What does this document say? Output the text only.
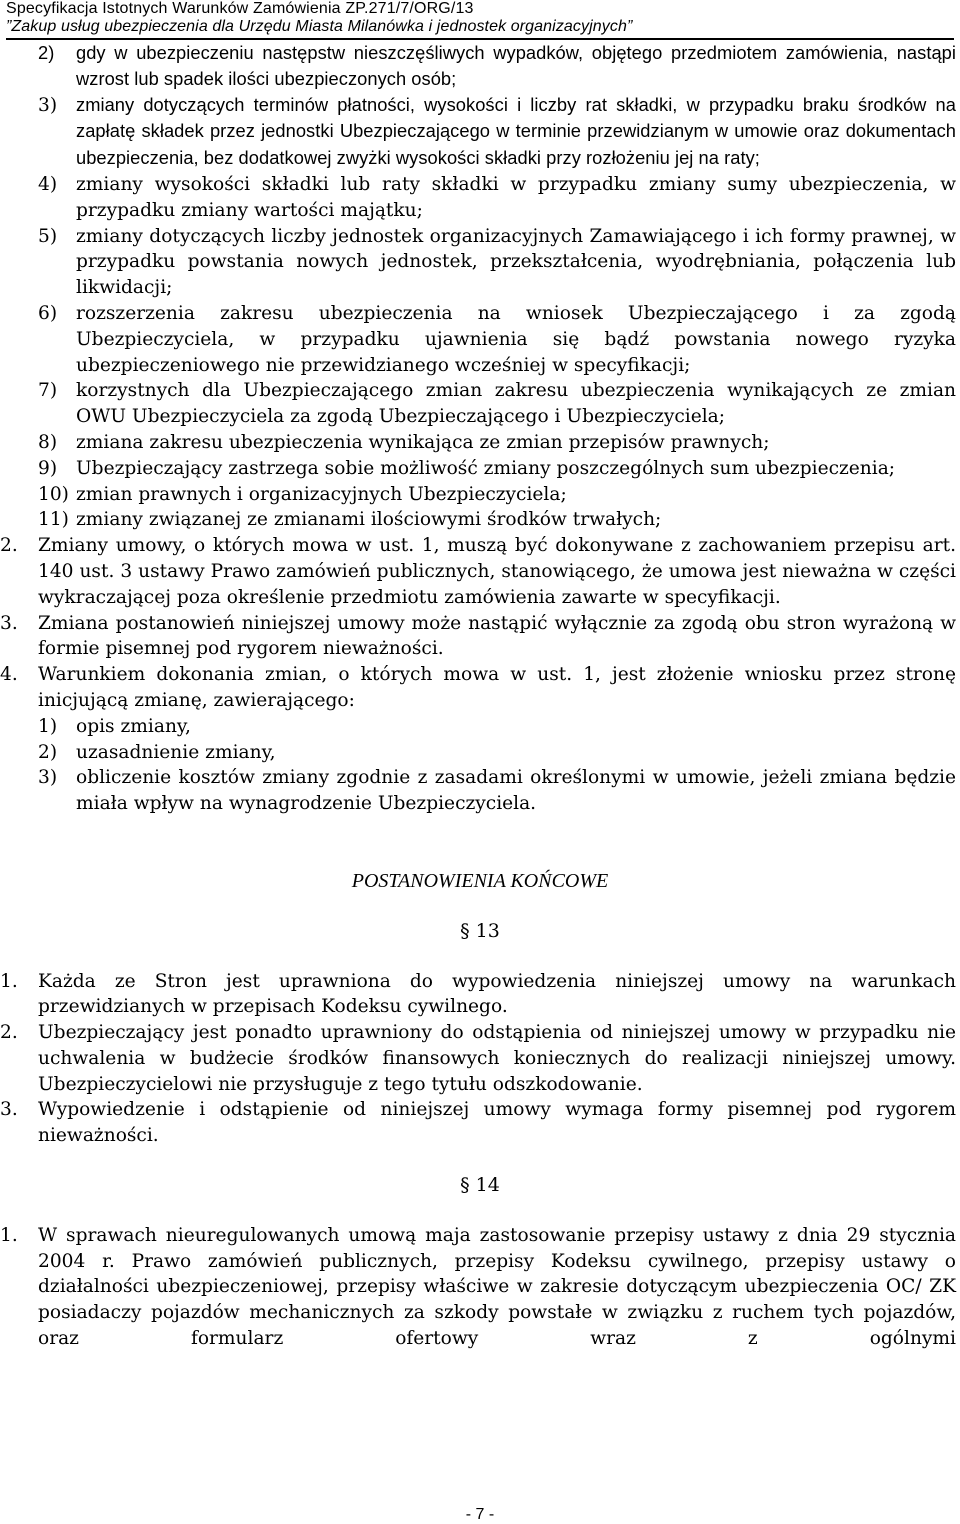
Specyfikacja Istotnych Warunków Zamówienia ZP.271/7/ORG/13
”Zakup usług ubezpieczenia dla Urzędu Miasta Milanówka i jednostek organizacyjnych”
2) gdy w ubezpieczeniu następstw nieszczęśliwych wypadków, objętego przedmiotem zamówienia, nastąpi wzrost lub spadek ilości ubezpieczonych osób;
3) zmiany dotyczących terminów płatności, wysokości i liczby rat składki, w przypadku braku środków na zapłatę składek przez jednostki Ubezpieczającego w terminie przewidzianym w umowie oraz dokumentach ubezpieczenia, bez dodatkowej zwyżki wysokości składki przy rozłożeniu jej na raty;
4) zmiany wysokości składki lub raty składki w przypadku zmiany sumy ubezpieczenia, w przypadku zmiany wartości majątku;
5) zmiany dotyczących liczby jednostek organizacyjnych Zamawiającego i ich formy prawnej, w przypadku powstania nowych jednostek, przekształcenia, wyodrębniania, połączenia lub likwidacji;
6) rozszerzenia zakresu ubezpieczenia na wniosek Ubezpieczającego i za zgodą Ubezpieczyciela, w przypadku ujawnienia się bądź powstania nowego ryzyka ubezpieczeniowego nie przewidzianego wcześniej w specyfikacji;
7) korzystnych dla Ubezpieczającego zmian zakresu ubezpieczenia wynikających ze zmian OWU Ubezpieczyciela za zgodą Ubezpieczającego i Ubezpieczyciela;
8) zmiana zakresu ubezpieczenia wynikająca ze zmian przepisów prawnych;
9) Ubezpieczający zastrzega sobie możliwość zmiany poszczególnych sum ubezpieczenia;
10) zmian prawnych i organizacyjnych Ubezpieczyciela;
11) zmiany związanej ze zmianami ilościowymi środków trwałych;
2. Zmiany umowy, o których mowa w ust. 1, muszą być dokonywane z zachowaniem przepisu art. 140 ust. 3 ustawy Prawo zamówień publicznych, stanowiącego, że umowa jest nieważna w części wykraczającej poza określenie przedmiotu zamówienia zawarte w specyfikacji.
3. Zmiana postanowień niniejszej umowy może nastąpić wyłącznie za zgodą obu stron wyrażoną w formie pisemnej pod rygorem nieważności.
4. Warunkiem dokonania zmian, o których mowa w ust. 1, jest złożenie wniosku przez stronę inicjującą zmianę, zawierającego:
1) opis zmiany,
2) uzasadnienie zmiany,
3) obliczenie kosztów zmiany zgodnie z zasadami określonymi w umowie, jeżeli zmiana będzie miała wpływ na wynagrodzenie Ubezpieczyciela.
POSTANOWIENIA KOŃCOWE
§ 13
1. Każda ze Stron jest uprawniona do wypowiedzenia niniejszej umowy na warunkach przewidzianych w przepisach Kodeksu cywilnego.
2. Ubezpieczający jest ponadto uprawniony do odstąpienia od niniejszej umowy w przypadku nie uchwalenia w budżecie środków finansowych koniecznych do realizacji niniejszej umowy. Ubezpieczycielowi nie przysługuje z tego tytułu odszkodowanie.
3. Wypowiedzenie i odstąpienie od niniejszej umowy wymaga formy pisemnej pod rygorem nieważności.
§ 14
1. W sprawach nieuregulowanych umową maja zastosowanie przepisy ustawy z dnia 29 stycznia 2004 r. Prawo zamówień publicznych, przepisy Kodeksu cywilnego, przepisy ustawy o działalności ubezpieczeniowej, przepisy właściwe w zakresie dotyczącym ubezpieczenia OC/ ZK posiadaczy pojazdów mechanicznych za szkody powstałe w związku z ruchem tych pojazdów, oraz formularz ofertowy wraz z ogólnymi
- 7 -
